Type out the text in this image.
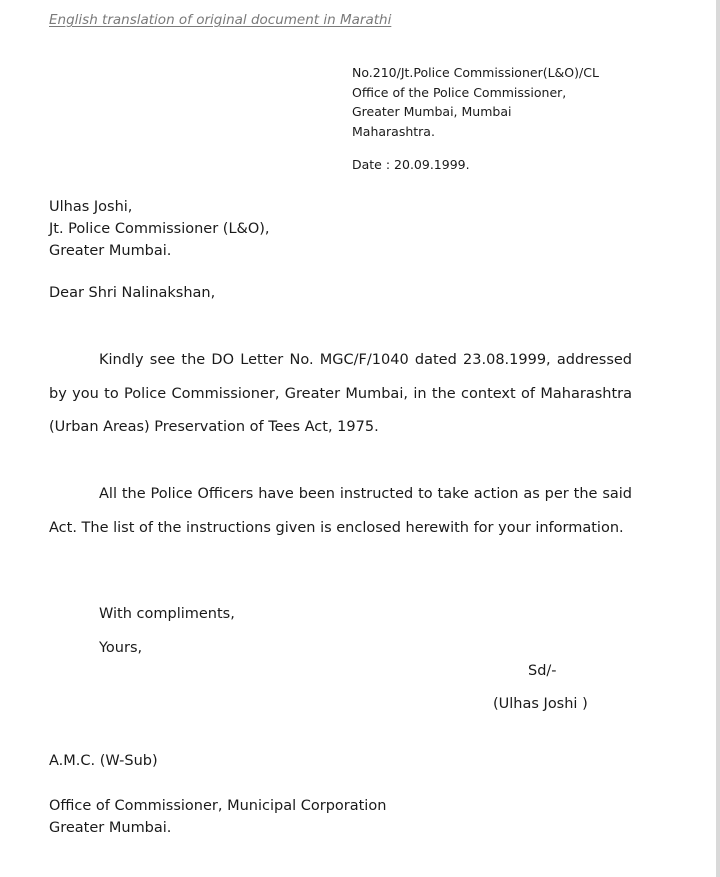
English translation of original document in Marathi
No.210/Jt.Police Commissioner(L&O)/CL
Office of the Police Commissioner,
Greater Mumbai, Mumbai
Maharashtra.
Date : 20.09.1999.
Ulhas Joshi,
Jt. Police Commissioner (L&O),
Greater Mumbai.
Dear Shri Nalinakshan,

Kindly see the DO Letter No. MGC/F/1040 dated 23.08.1999, addressed by you to Police Commissioner, Greater Mumbai, in the context of Maharashtra (Urban Areas) Preservation of Tees Act, 1975.

All the Police Officers have been instructed to take action as per the said Act. The list of the instructions given is enclosed herewith for your information.

With compliments,
Yours,
Sd/-
(Ulhas Joshi )
A.M.C. (W-Sub)
Office of Commissioner, Municipal Corporation
Greater Mumbai.
